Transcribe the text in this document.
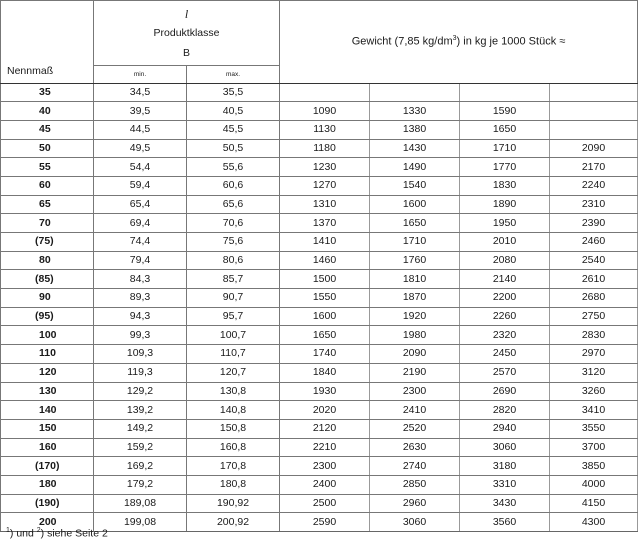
Nennmaß	l		Gewicht (7,85 $kg/dm^3$) in kg je 1000 Stück ≈			

	Produktklasse
B					

	min.	max.				
35	34,5	35,5				
40	39,5	40,5	1090	1330	1590	
45	44,5	45,5	1130	1380	1650	
50	49,5	50,5	1180	1430	1710	2090
55	54,4	55,6	1230	1490	1770	2170
60	59,4	60,6	1270	1540	1830	2240
65	65,4	65,6	1310	1600	1890	2310
70	69,4	70,6	1370	1650	1950	2390
(75)	74,4	75,6	1410	1710	2010	2460
80	79,4	80,6	1460	1760	2080	2540
(85)	84,3	85,7	1500	1810	2140	2610
90	89,3	90,7	1550	1870	2200	2680
(95)	94,3	95,7	1600	1920	2260	2750
100	99,3	100,7	1650	1980	2320	2830
110	109,3	110,7	1740	2090	2450	2970
120	119,3	120,7	1840	2190	2570	3120
130	129,2	130,8	1930	2300	2690	3260
140	139,2	140,8	2020	2410	2820	3410
150	149,2	150,8	2120	2520	2940	3550
160	159,2	160,8	2210	2630	3060	3700
(170)	169,2	170,8	2300	2740	3180	3850
180	179,2	180,8	2400	2850	3310	4000
(190)	189,08	190,92	2500	2960	3430	4150
200	199,08	200,92	2590	3060	3560	4300
$^1$) und $^2$) siehe Seite 2
